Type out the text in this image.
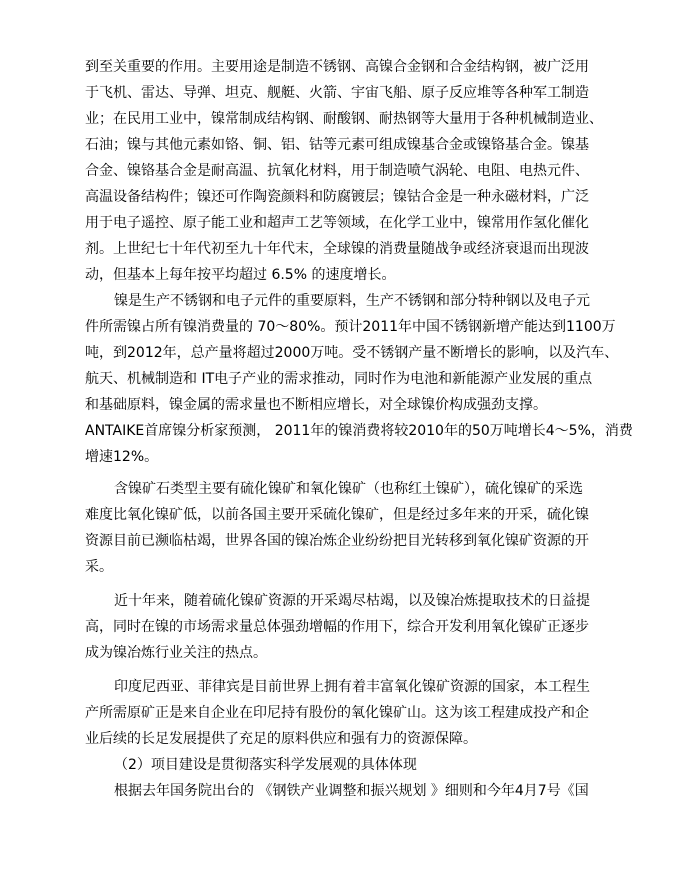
到至关重要的作用。主要用途是制造不锈钢、高镍合金钢和合金结构钢，被广泛用
于飞机、雷达、导弹、坦克、舰艇、火箭、宇宙飞船、原子反应堆等各种军工制造
业；在民用工业中，镍常制成结构钢、耐酸钢、耐热钢等大量用于各种机械制造业、
石油；镍与其他元素如铬、铜、铝、钴等元素可组成镍基合金或镍铬基合金。镍基
合金、镍铬基合金是耐高温、抗氧化材料，用于制造喷气涡轮、电阻、电热元件、
高温设备结构件；镍还可作陶瓷颜料和防腐镀层；镍钴合金是一种永磁材料，广泛
用于电子遥控、原子能工业和超声工艺等领域，在化学工业中，镍常用作氢化催化
剂。上世纪七十年代初至九十年代末，全球镍的消费量随战争或经济衰退而出现波
动，但基本上每年按平均超过 6.5% 的速度增长。
镍是生产不锈钢和电子元件的重要原料，生产不锈钢和部分特种钢以及电子元
件所需镍占所有镍消费量的 70～80%。预计2011年中国不锈钢新增产能达到1100万
吨，到2012年，总产量将超过2000万吨。受不锈钢产量不断增长的影响，以及汽车、
航天、机械制造和 IT电子产业的需求推动，同时作为电池和新能源产业发展的重点
和基础原料，镍金属的需求量也不断相应增长，对全球镍价构成强劲支撑。
ANTAIKE首席镍分析家预测， 2011年的镍消费将较2010年的50万吨增长4～5%，消费
增速12%。
含镍矿石类型主要有硫化镍矿和氧化镍矿（也称红土镍矿），硫化镍矿的采选
难度比氧化镍矿低，以前各国主要开采硫化镍矿，但是经过多年来的开采，硫化镍
资源目前已濒临枯竭，世界各国的镍冶炼企业纷纷把目光转移到氧化镍矿资源的开
采。
近十年来，随着硫化镍矿资源的开采竭尽枯竭，以及镍冶炼提取技术的日益提
高，同时在镍的市场需求量总体强劲增幅的作用下，综合开发利用氧化镍矿正逐步
成为镍冶炼行业关注的热点。
印度尼西亚、菲律宾是目前世界上拥有着丰富氧化镍矿资源的国家，本工程生
产所需原矿正是来自企业在印尼持有股份的氧化镍矿山。这为该工程建成投产和企
业后续的长足发展提供了充足的原料供应和强有力的资源保障。
（2）项目建设是贯彻落实科学发展观的具体体现
根据去年国务院出台的 《钢铁产业调整和振兴规划 》细则和今年4月7号《国
